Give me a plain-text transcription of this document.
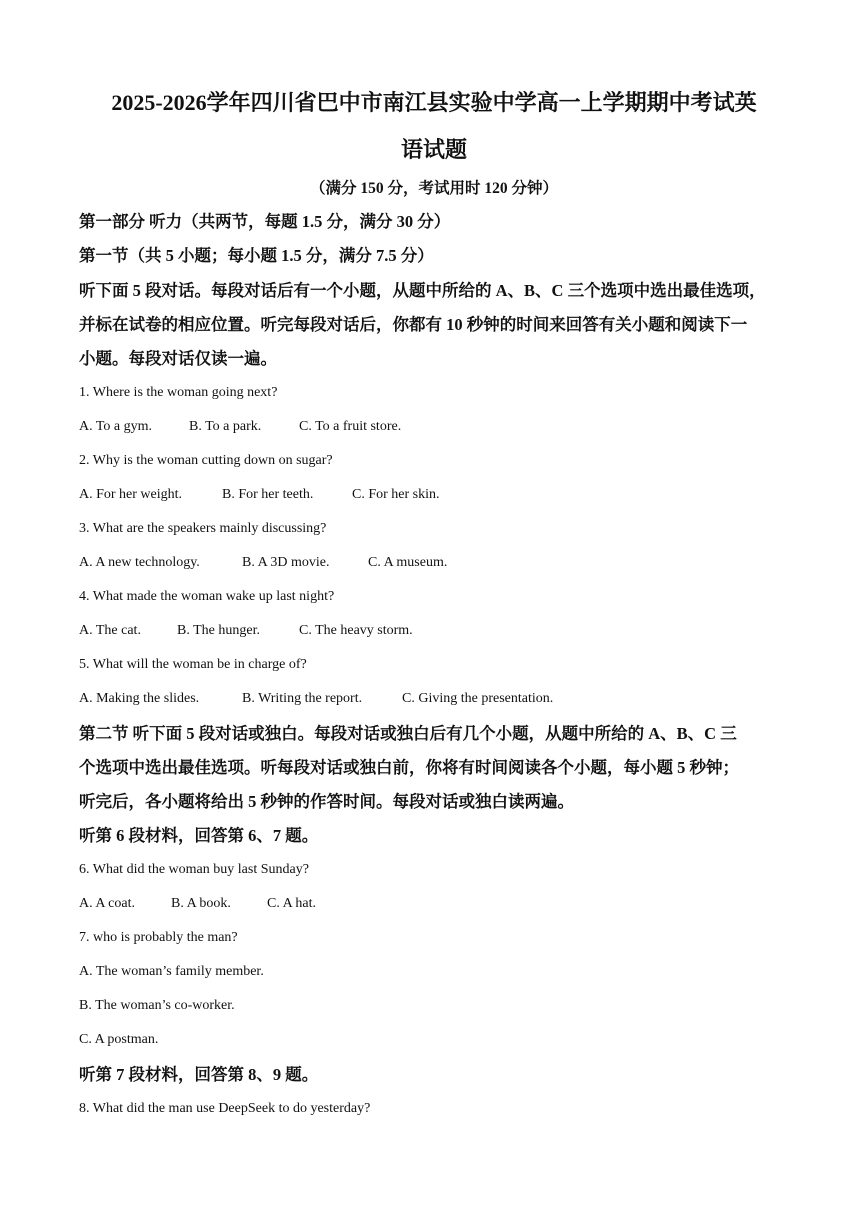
2025-2026学年四川省巴中市南江县实验中学高一上学期期中考试英
语试题
（满分 150 分，考试用时 120 分钟）
第一部分 听力（共两节，每题 1.5 分，满分 30 分）
第一节（共 5 小题；每小题 1.5 分，满分 7.5 分）
听下面 5 段对话。每段对话后有一个小题，从题中所给的 A、B、C 三个选项中选出最佳选项，
并标在试卷的相应位置。听完每段对话后，你都有 10 秒钟的时间来回答有关小题和阅读下一
小题。每段对话仅读一遍。
1. Where is the woman going next?
A. To a gym.	B. To a park.	C. To a fruit store.
2. Why is the woman cutting down on sugar?
A. For her weight.	B. For her teeth.	C. For her skin.
3. What are the speakers mainly discussing?
A. A new technology.	B. A 3D movie.	C. A museum.
4. What made the woman wake up last night?
A. The cat.	B. The hunger.	C. The heavy storm.
5. What will the woman be in charge of?
A. Making the slides.	B. Writing the report.	C. Giving the presentation.
第二节 听下面 5 段对话或独白。每段对话或独白后有几个小题，从题中所给的 A、B、C 三
个选项中选出最佳选项。听每段对话或独白前，你将有时间阅读各个小题，每小题 5 秒钟；
听完后，各小题将给出 5 秒钟的作答时间。每段对话或独白读两遍。
听第 6 段材料，回答第 6、7 题。
6. What did the woman buy last Sunday?
A. A coat.	B. A book.	C. A hat.
7. who is probably the man?
A. The woman’s family member.
B. The woman’s co-worker.
C. A postman.
听第 7 段材料，回答第 8、9 题。
8. What did the man use DeepSeek to do yesterday?
